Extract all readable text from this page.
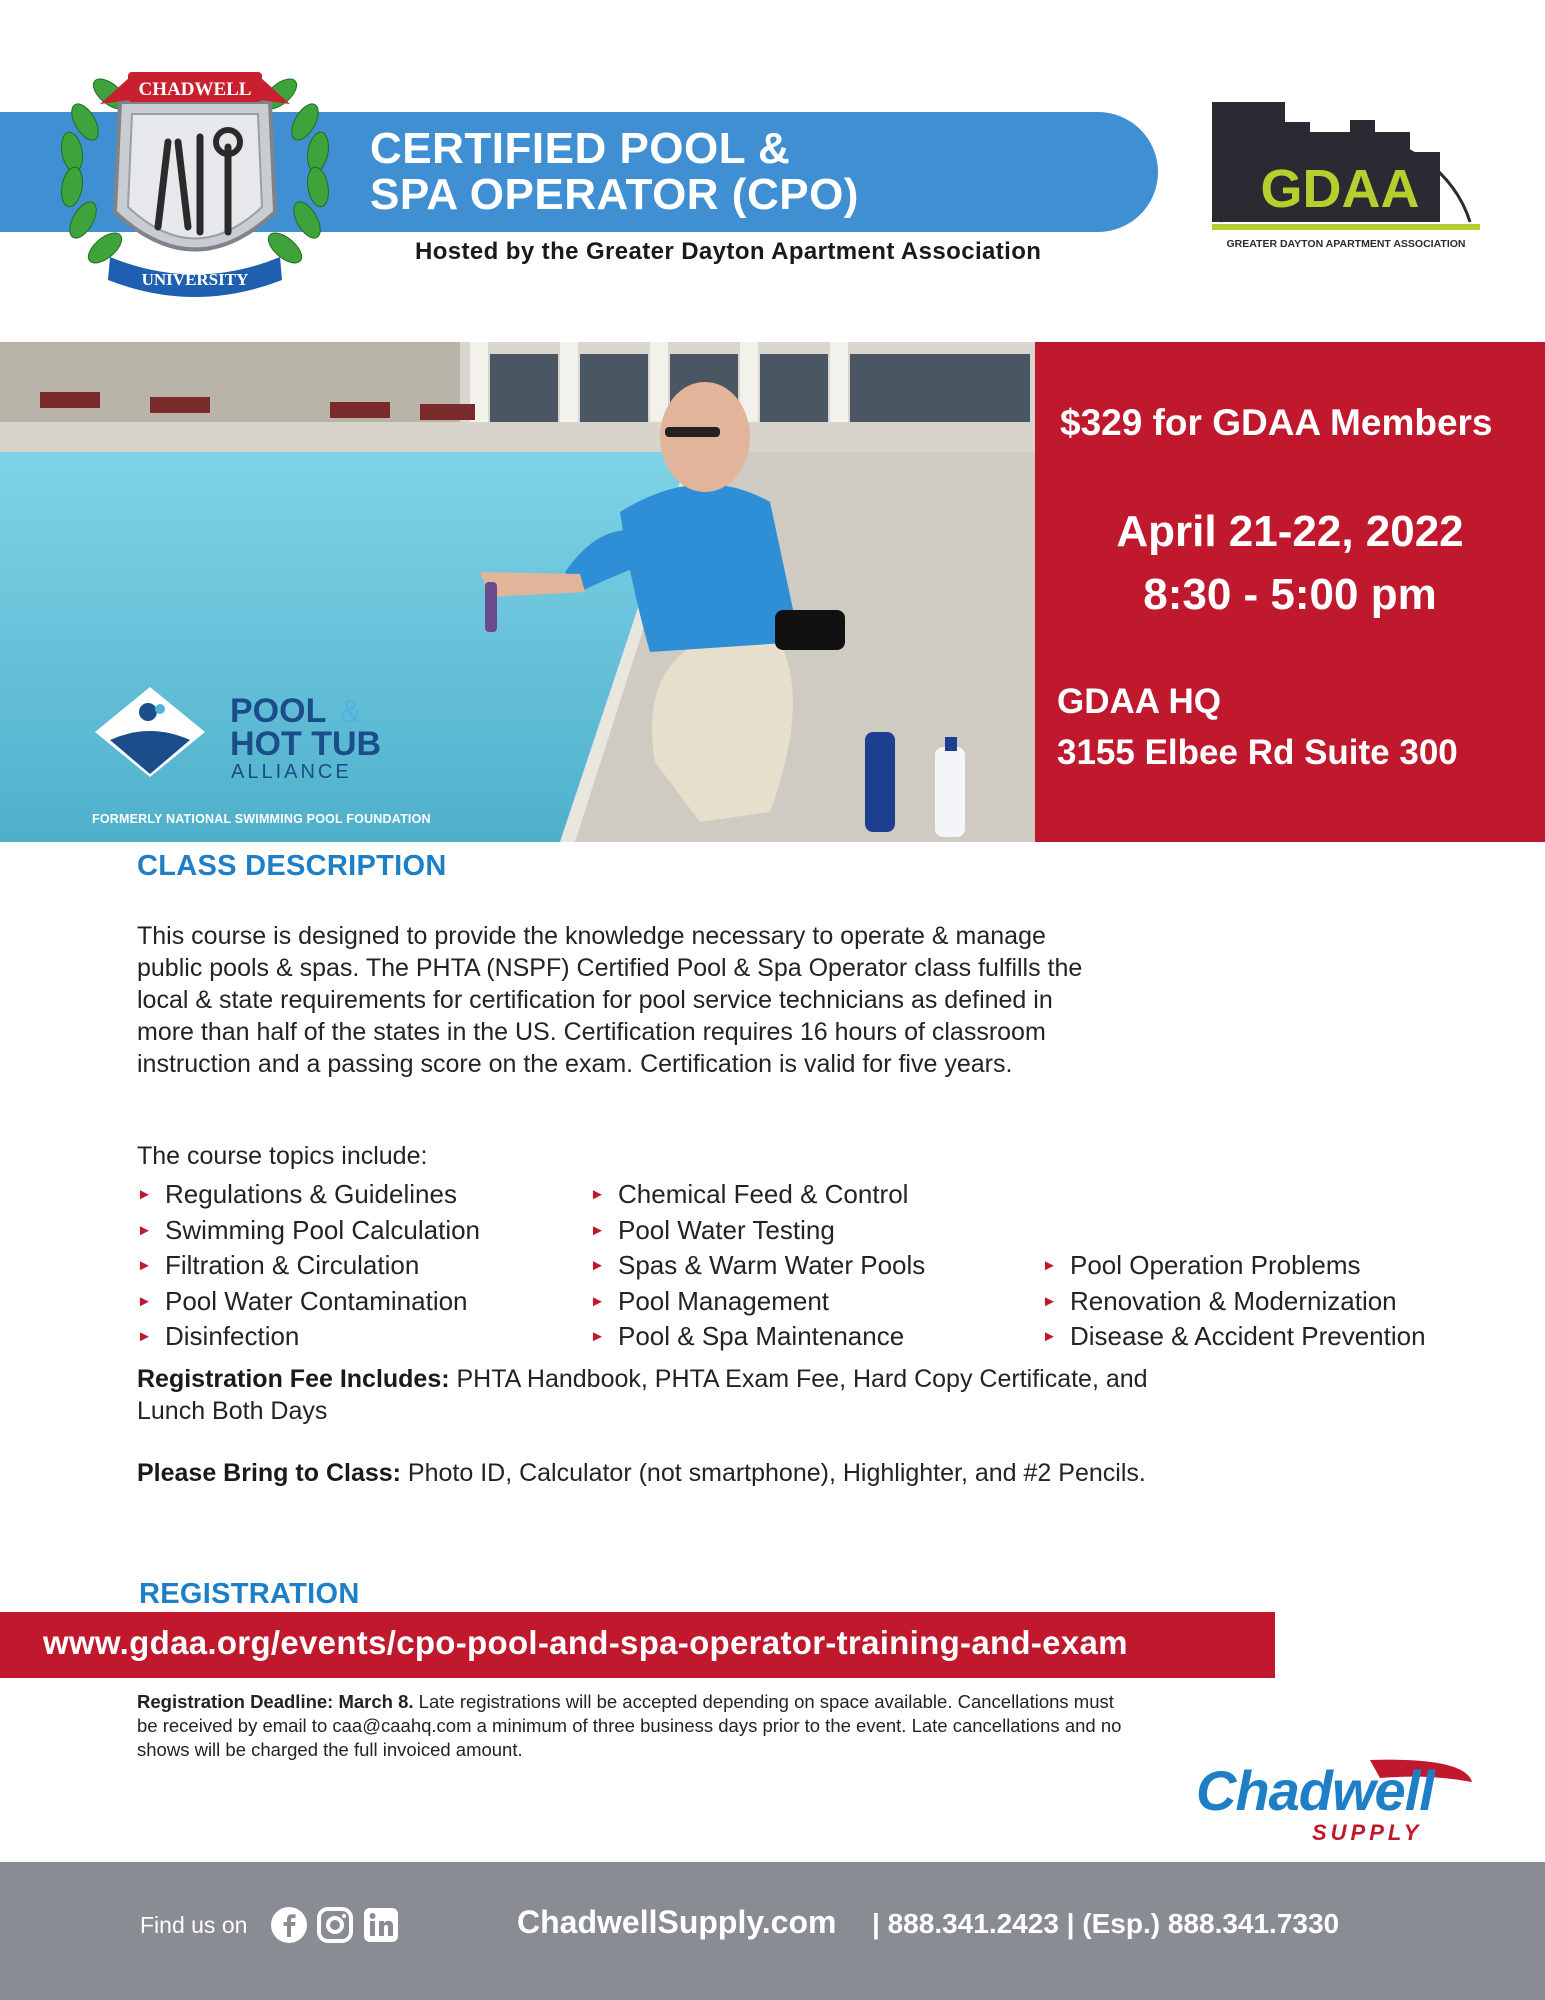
CERTIFIED POOL &
SPA OPERATOR (CPO)
Hosted by the Greater Dayton Apartment Association
CHADWELL
UNIVERSITY
GDAA
GREATER DAYTON APARTMENT ASSOCIATION
POOL &
HOT TUB
ALLIANCE
FORMERLY NATIONAL SWIMMING POOL FOUNDATION
$329 for GDAA Members
April 21-22, 2022
8:30 - 5:00 pm
GDAA HQ
3155 Elbee Rd Suite 300
CLASS DESCRIPTION

This course is designed to provide the knowledge necessary to operate & manage public pools & spas. The PHTA (NSPF) Certified Pool & Spa Operator class fulfills the local & state requirements for certification for pool service technicians as defined in more than half of the states in the US. Certification requires 16 hours of classroom instruction and a passing score on the exam. Certification is valid for five years.

The course topics include:
► Regulations & Guidelines
► Swimming Pool Calculation
► Filtration & Circulation
► Pool Water Contamination
► Disinfection
► Chemical Feed & Control
► Pool Water Testing
► Spas & Warm Water Pools
► Pool Management
► Pool & Spa Maintenance
► Pool Operation Problems
► Renovation & Modernization
► Disease & Accident Prevention

Registration Fee Includes: PHTA Handbook, PHTA Exam Fee, Hard Copy Certificate, and Lunch Both Days

Please Bring to Class: Photo ID, Calculator (not smartphone), Highlighter, and #2 Pencils.

REGISTRATION
www.gdaa.org/events/cpo-pool-and-spa-operator-training-and-exam

Registration Deadline: March 8. Late registrations will be accepted depending on space available. Cancellations must be received by email to caa@caahq.com a minimum of three business days prior to the event. Late cancellations and no shows will be charged the full invoiced amount.

Chadwell
SUPPLY
Find us on	ChadwellSupply.com | 888.341.2423 | (Esp.) 888.341.7330
